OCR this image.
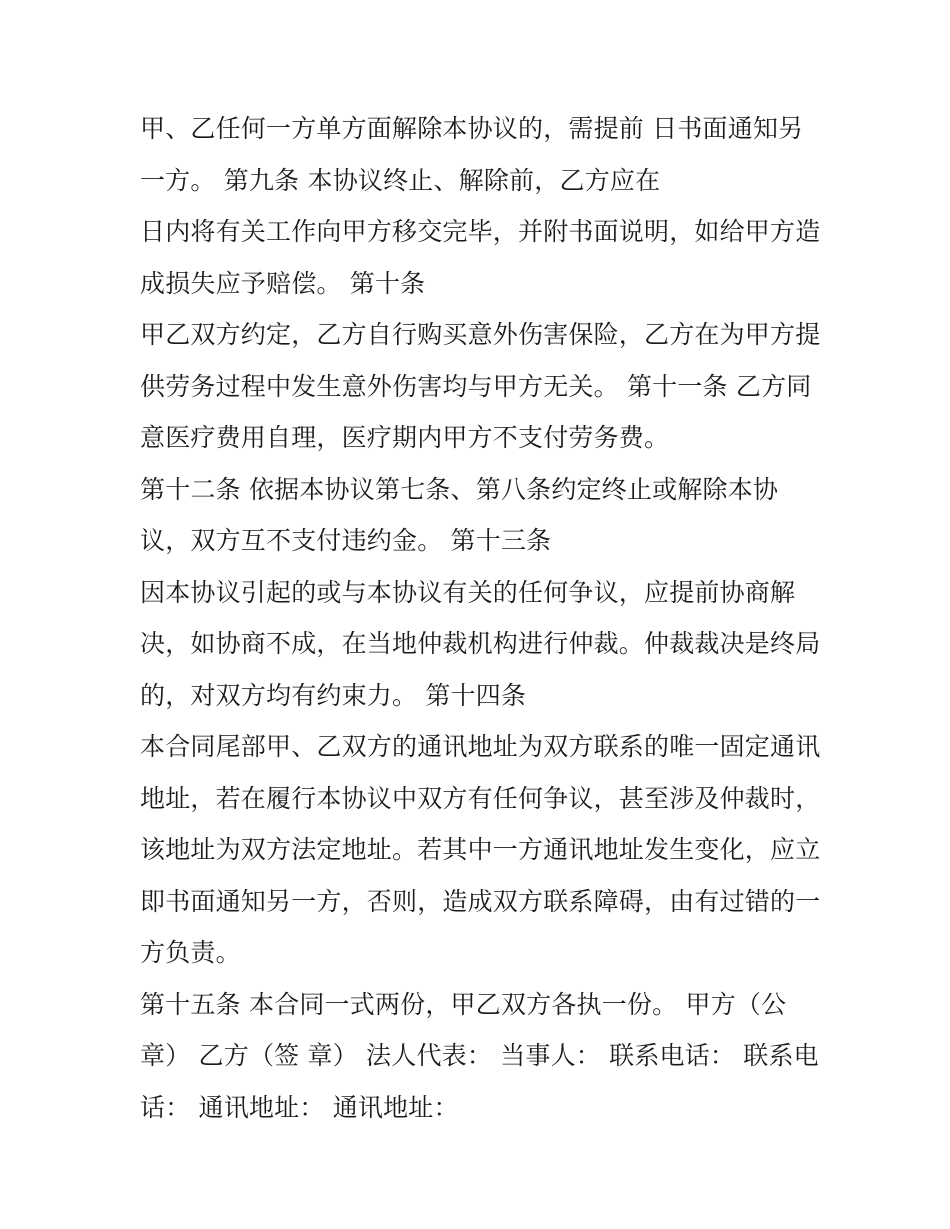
甲、乙任何一方单方面解除本协议的，需提前 日书面通知另
一方。 第九条 本协议终止、解除前，乙方应在
日内将有关工作向甲方移交完毕，并附书面说明，如给甲方造
成损失应予赔偿。 第十条
甲乙双方约定，乙方自行购买意外伤害保险，乙方在为甲方提
供劳务过程中发生意外伤害均与甲方无关。 第十一条 乙方同
意医疗费用自理，医疗期内甲方不支付劳务费。
第十二条 依据本协议第七条、第八条约定终止或解除本协
议，双方互不支付违约金。 第十三条
因本协议引起的或与本协议有关的任何争议，应提前协商解
决，如协商不成，在当地仲裁机构进行仲裁。仲裁裁决是终局
的，对双方均有约束力。 第十四条
本合同尾部甲、乙双方的通讯地址为双方联系的唯一固定通讯
地址，若在履行本协议中双方有任何争议，甚至涉及仲裁时，
该地址为双方法定地址。若其中一方通讯地址发生变化，应立
即书面通知另一方，否则，造成双方联系障碍，由有过错的一
方负责。
第十五条 本合同一式两份，甲乙双方各执一份。 甲方（公
章） 乙方（签 章） 法人代表： 当事人： 联系电话： 联系电
话： 通讯地址： 通讯地址：
